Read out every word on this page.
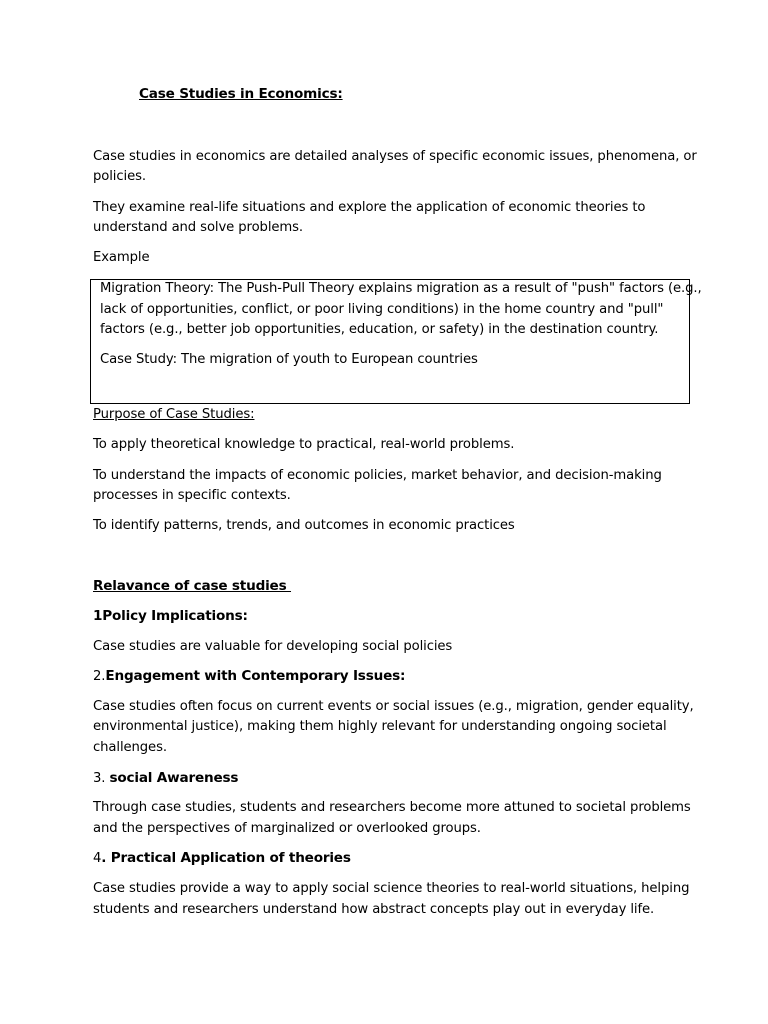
Case Studies in Economics:
Case studies in economics are detailed analyses of specific economic issues, phenomena, or
policies.
They examine real-life situations and explore the application of economic theories to
understand and solve problems.
Example
Migration Theory: The Push-Pull Theory explains migration as a result of "push" factors (e.g.,
lack of opportunities, conflict, or poor living conditions) in the home country and "pull"
factors (e.g., better job opportunities, education, or safety) in the destination country.
Case Study: The migration of youth to European countries
Purpose of Case Studies:
To apply theoretical knowledge to practical, real-world problems.
To understand the impacts of economic policies, market behavior, and decision-making
processes in specific contexts.
To identify patterns, trends, and outcomes in economic practices
Relavance of case studies
1Policy Implications:
Case studies are valuable for developing social policies
2.Engagement with Contemporary Issues:
Case studies often focus on current events or social issues (e.g., migration, gender equality,
environmental justice), making them highly relevant for understanding ongoing societal
challenges.
3. social Awareness
Through case studies, students and researchers become more attuned to societal problems
and the perspectives of marginalized or overlooked groups.
4. Practical Application of theories
Case studies provide a way to apply social science theories to real-world situations, helping
students and researchers understand how abstract concepts play out in everyday life.
